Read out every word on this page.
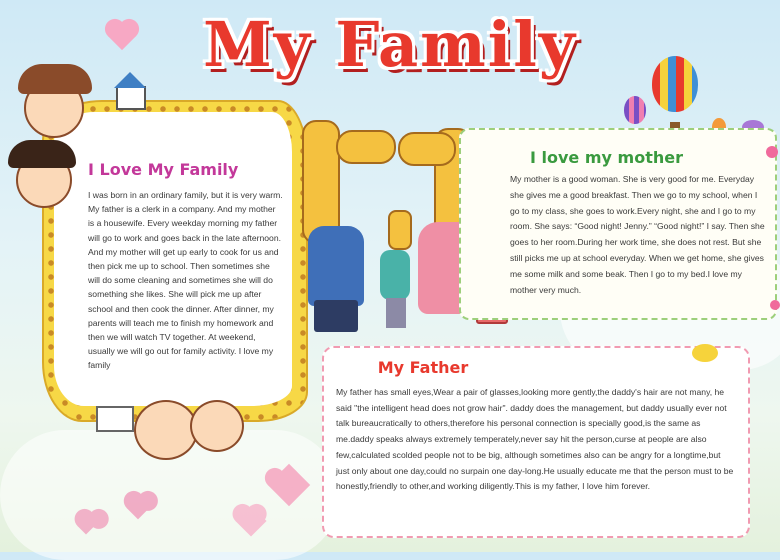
My Family
I Love My Family
I was born in an ordinary family, but it is very warm. My father is a clerk in a company. And my mother is a housewife. Every weekday morning my father will go to work and goes back in the late afternoon. And my mother will get up early to cook for us and then pick me up to school. Then sometimes she will do some cleaning and sometimes she will do something she likes. She will pick me up after school and then cook the dinner. After dinner, my parents will teach me to finish my homework and then we will watch TV together. At weekend, usually we will go out for family activity. I love my family
I love my mother
My mother is a good woman. She is very good for me. Everyday she gives me a good breakfast. Then we go to my school, when I go to my class, she goes to work.Every night, she and I go to my room. She says: “Good night! Jenny.” “Good night!” I say. Then she goes to her room.During her work time, she does not rest. But she still picks me up at school everyday. When we get home, she gives me some milk and some beak. Then I go to my bed.I love my mother very much.
My Father
My father has small eyes,Wear a pair of glasses,looking more gently,the daddy's hair are not many, he said "the intelligent head does not grow hair". daddy does the management, but daddy usually ever not talk bureaucratically to others,therefore his personal connection is specially good,is the same as me.daddy speaks always extremely temperately,never say hit the person,curse at people are also few,calculated scolded people not to be big, although sometimes also can be angry for a longtime,but just only about one day,could no surpain one day-long.He usually educate me that the person must to be honestly,friendly to other,and working diligently.This is my father, I love him forever.
